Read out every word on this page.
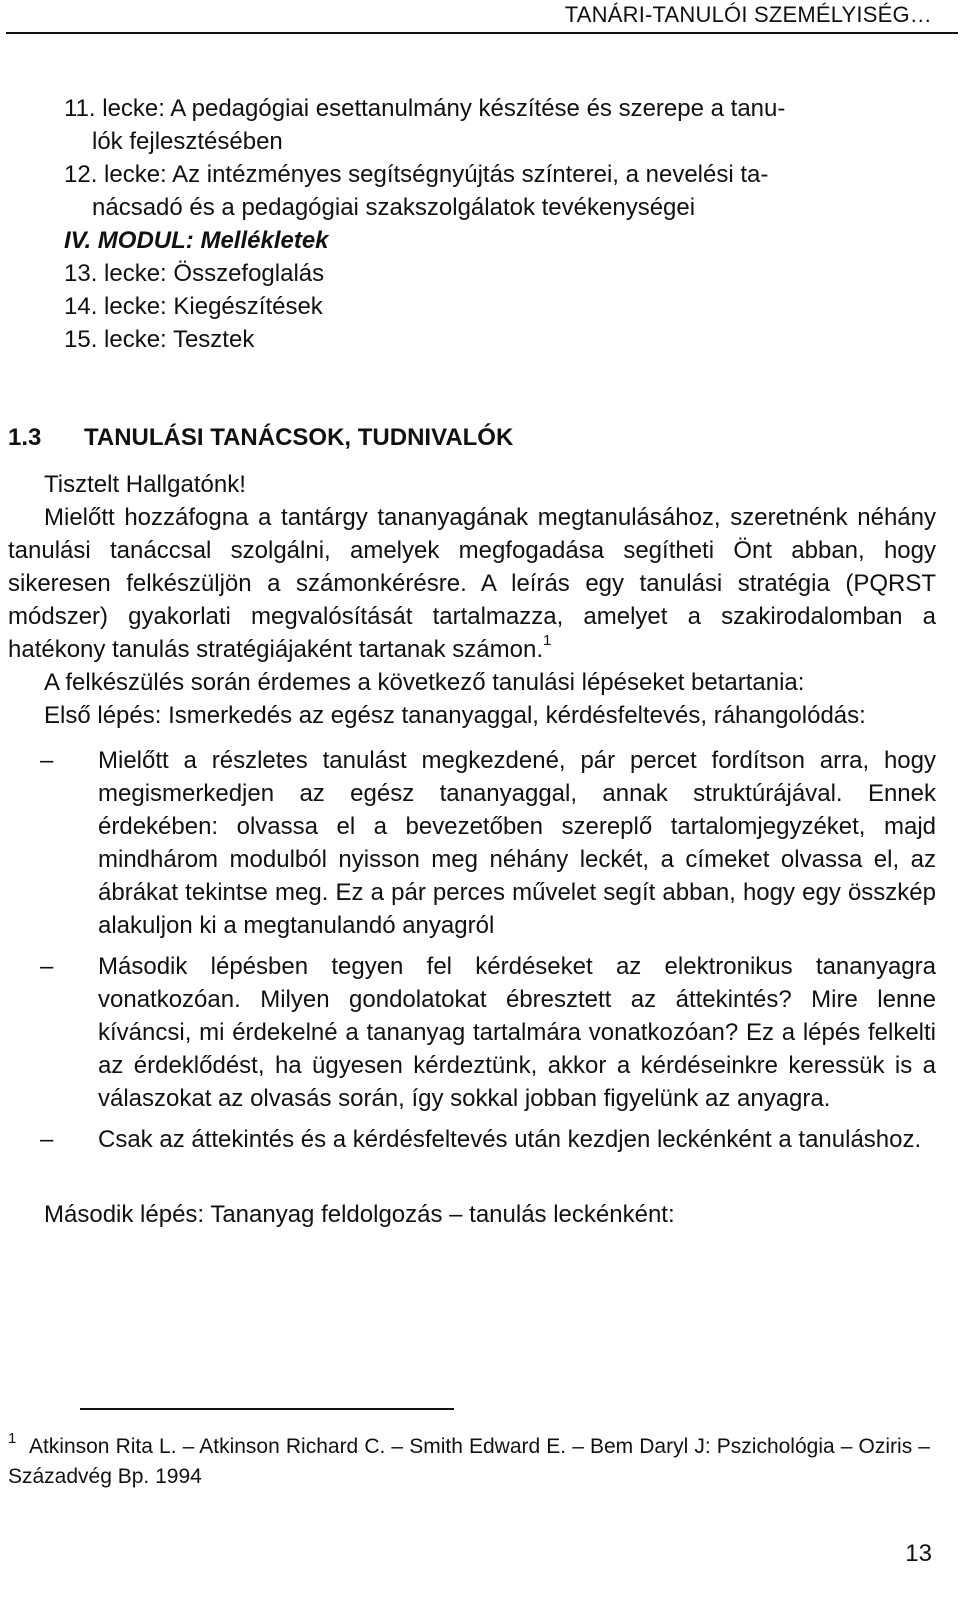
TANÁRI-TANULÓI SZEMÉLYISÉG…
11. lecke: A pedagógiai esettanulmány készítése és szerepe a tanu-
lók fejlesztésében
12. lecke: Az intézményes segítségnyújtás színterei, a nevelési ta-
nácsadó és a pedagógiai szakszolgálatok tevékenységei
IV. MODUL: Mellékletek
13. lecke: Összefoglalás
14. lecke: Kiegészítések
15. lecke: Tesztek
1.3 TANULÁSI TANÁCSOK, TUDNIVALÓK

Tisztelt Hallgatónk!

Mielőtt hozzáfogna a tantárgy tananyagának megtanulásához, szeretnénk néhány tanulási tanáccsal szolgálni, amelyek megfogadása segítheti Önt abban, hogy sikeresen felkészüljön a számonkérésre. A leírás egy tanulási stratégia (PQRST módszer) gyakorlati megvalósítását tartalmazza, amelyet a szakirodalomban a hatékony tanulás stratégiájaként tartanak számon.$^1$

A felkészülés során érdemes a következő tanulási lépéseket betartania:

Első lépés: Ismerkedés az egész tananyaggal, kérdésfeltevés, ráhangolódás:

– Mielőtt a részletes tanulást megkezdené, pár percet fordítson arra, hogy megismerkedjen az egész tananyaggal, annak struktúrájával. Ennek érdekében: olvassa el a bevezetőben szereplő tartalomjegyzéket, majd mindhárom modulból nyisson meg néhány leckét, a címeket olvassa el, az ábrákat tekintse meg. Ez a pár perces művelet segít abban, hogy egy összkép alakuljon ki a megtanulandó anyagról
– Második lépésben tegyen fel kérdéseket az elektronikus tananyagra vonatkozóan. Milyen gondolatokat ébresztett az áttekintés? Mire lenne kíváncsi, mi érdekelné a tananyag tartalmára vonatkozóan? Ez a lépés felkelti az érdeklődést, ha ügyesen kérdeztünk, akkor a kérdéseinkre keressük is a válaszokat az olvasás során, így sokkal jobban figyelünk az anyagra.
– Csak az áttekintés és a kérdésfeltevés után kezdjen leckénként a tanuláshoz.

Második lépés: Tananyag feldolgozás – tanulás leckénként:

1 Atkinson Rita L. – Atkinson Richard C. – Smith Edward E. – Bem Daryl J: Pszichológia – Oziris – Századvég Bp. 1994
13
